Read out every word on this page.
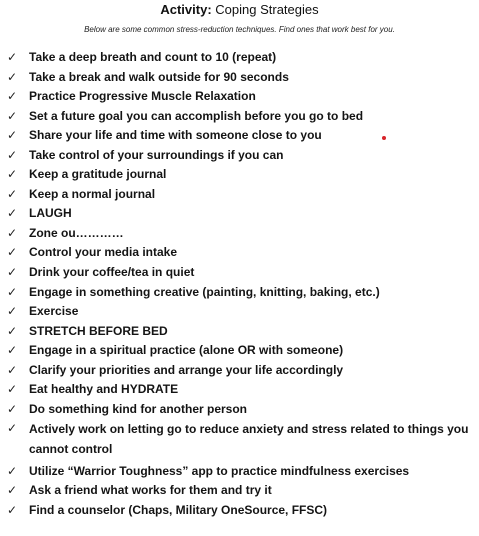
Activity: Coping Strategies
Below are some common stress-reduction techniques. Find ones that work best for you.
✓ Take a deep breath and count to 10 (repeat)
✓ Take a break and walk outside for 90 seconds
✓ Practice Progressive Muscle Relaxation
✓ Set a future goal you can accomplish before you go to bed
✓ Share your life and time with someone close to you
✓ Take control of your surroundings if you can
✓ Keep a gratitude journal
✓ Keep a normal journal
✓ LAUGH
✓ Zone ou…………
✓ Control your media intake
✓ Drink your coffee/tea in quiet
✓ Engage in something creative (painting, knitting, baking, etc.)
✓ Exercise
✓ STRETCH BEFORE BED
✓ Engage in a spiritual practice (alone OR with someone)
✓ Clarify your priorities and arrange your life accordingly
✓ Eat healthy and HYDRATE
✓ Do something kind for another person
✓ Actively work on letting go to reduce anxiety and stress related to things you cannot control
✓ Utilize “Warrior Toughness” app to practice mindfulness exercises
✓ Ask a friend what works for them and try it
✓ Find a counselor (Chaps, Military OneSource, FFSC)
